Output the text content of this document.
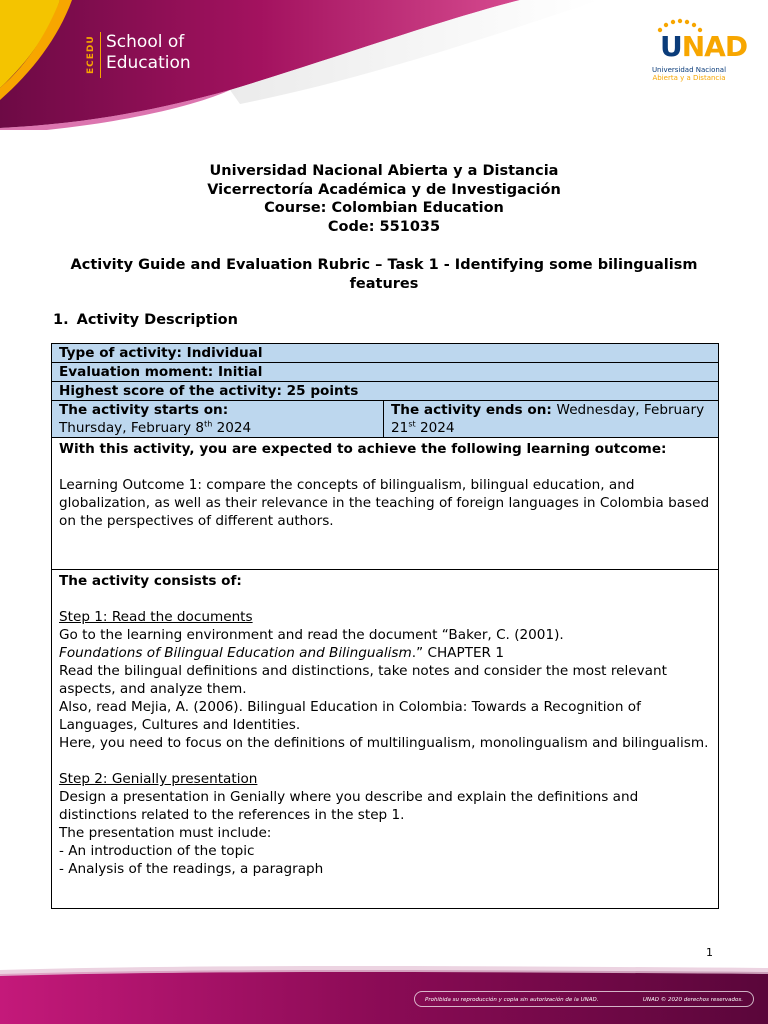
ECEDU School of
Education	UNAD
Universidad Nacional
Abierta y a Distancia
Universidad Nacional Abierta y a Distancia
Vicerrectoría Académica y de Investigación
Course: Colombian Education
Code: 551035
Activity Guide and Evaluation Rubric – Task 1 - Identifying some bilingualism features
1. Activity Description
Type of activity: Individual
Evaluation moment: Initial
Highest score of the activity: 25 points

The activity starts on:
Thursday, February 8th 2024
	The activity ends on: Wednesday, February 21st 2024

With this activity, you are expected to achieve the following learning outcome:
Learning Outcome 1: compare the concepts of bilingualism, bilingual education, and globalization, as well as their relevance in the teaching of foreign languages in Colombia based on the perspectives of different authors.

The activity consists of:
Step 1: Read the documents
Go to the learning environment and read the document “Baker, C. (2001).
Foundations of Bilingual Education and Bilingualism.” CHAPTER 1
Read the bilingual definitions and distinctions, take notes and consider the most relevant aspects, and analyze them.
Also, read Mejia, A. (2006). Bilingual Education in Colombia: Towards a Recognition of Languages, Cultures and Identities.
Here, you need to focus on the definitions of multilingualism, monolingualism and bilingualism.
Step 2: Genially presentation
Design a presentation in Genially where you describe and explain the definitions and distinctions related to the references in the step 1.
The presentation must include:
- An introduction of the topic
- Analysis of the readings, a paragraph
1
Prohibida su reproducción y copia sin autorización de la UNAD.	UNAD © 2020 derechos reservados.
